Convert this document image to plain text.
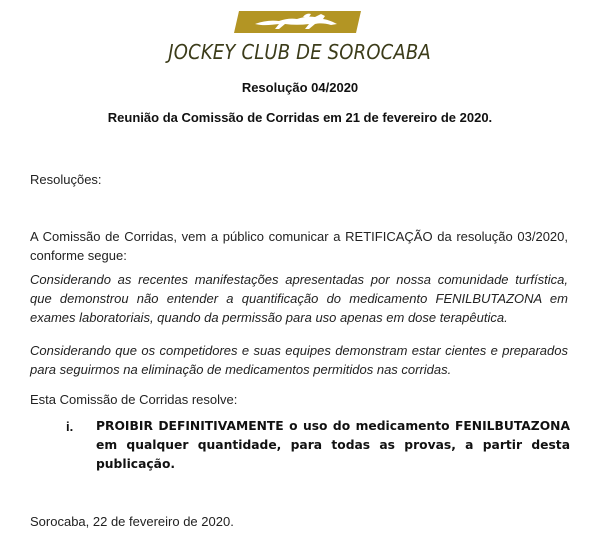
JOCKEY CLUB DE SOROCABA
Resolução 04/2020
Reunião da Comissão de Corridas em 21 de fevereiro de 2020.
Resoluções:
A Comissão de Corridas, vem a público comunicar a RETIFICAÇÃO da resolução 03/2020, conforme segue:
Considerando as recentes manifestações apresentadas por nossa comunidade turfística, que demonstrou não entender a quantificação do medicamento FENILBUTAZONA em exames laboratoriais, quando da permissão para uso apenas em dose terapêutica.
Considerando que os competidores e suas equipes demonstram estar cientes e preparados para seguirmos na eliminação de medicamentos permitidos nas corridas.
Esta Comissão de Corridas resolve:
i. PROIBIR DEFINITIVAMENTE o uso do medicamento FENILBUTAZONA em qualquer quantidade, para todas as provas, a partir desta publicação.
Sorocaba, 22 de fevereiro de 2020.
